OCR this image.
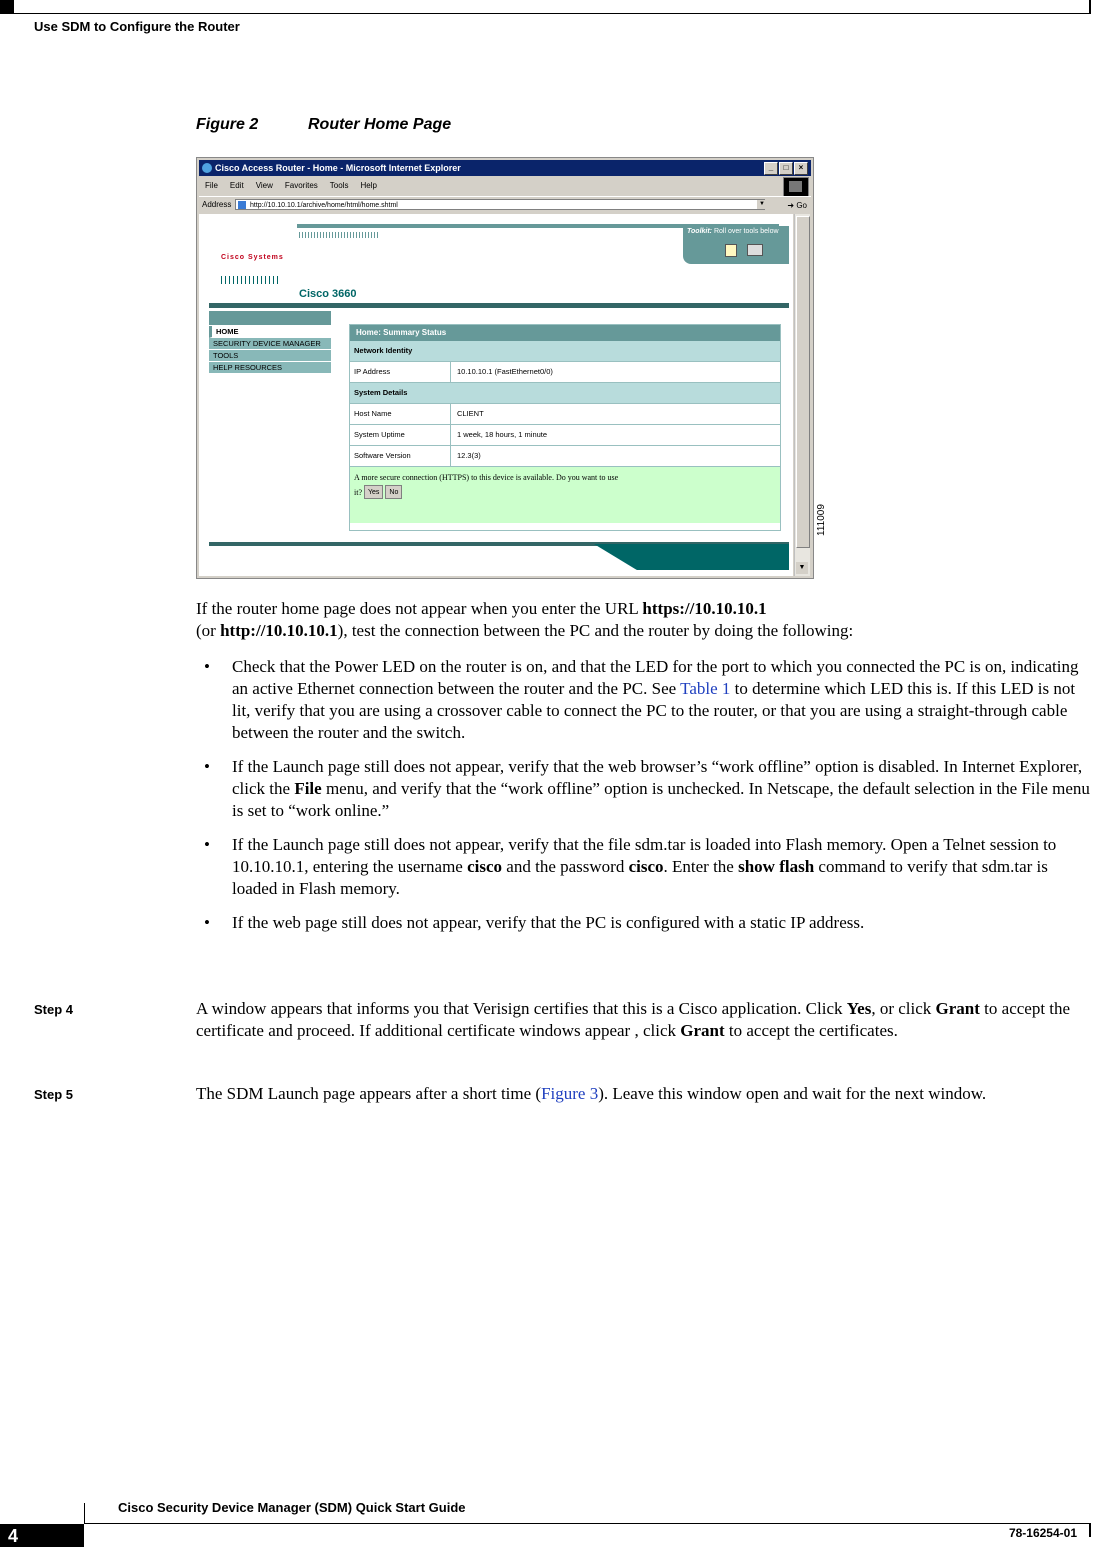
Use SDM to Configure the Router
Figure 2	Router Home Page
Cisco Access Router - Home - Microsoft Internet Explorer	_	□	×
File Edit View Favorites Tools Help
Address	http://10.10.10.1/archive/home/html/home.shtml	▼	➜ Go
Toolkit: Roll over tools below
Cisco Systems
Cisco 3660
HOME
SECURITY DEVICE MANAGER
TOOLS
HELP RESOURCES
Home: Summary Status
Network Identity
IP Address	10.10.10.1 (FastEthernet0/0)
System Details
Host Name	CLIENT
System Uptime	1 week, 18 hours, 1 minute
Software Version	12.3(3)
A more secure connection (HTTPS) to this device is available. Do you want to use
it? Yes	No
▼
111009
If the router home page does not appear when you enter the URL https://10.10.10.1
(or http://10.10.10.1), test the connection between the PC and the router by doing the following:
• Check that the Power LED on the router is on, and that the LED for the port to which you connected the PC is on, indicating an active Ethernet connection between the router and the PC. See Table 1 to determine which LED this is. If this LED is not lit, verify that you are using a crossover cable to connect the PC to the router, or that you are using a straight-through cable between the router and the switch.
• If the Launch page still does not appear, verify that the web browser’s “work offline” option is disabled. In Internet Explorer, click the File menu, and verify that the “work offline” option is unchecked. In Netscape, the default selection in the File menu is set to “work online.”
• If the Launch page still does not appear, verify that the file sdm.tar is loaded into Flash memory. Open a Telnet session to 10.10.10.1, entering the username cisco and the password cisco. Enter the show flash command to verify that sdm.tar is loaded in Flash memory.
• If the web page still does not appear, verify that the PC is configured with a static IP address.
Step 4	A window appears that informs you that Verisign certifies that this is a Cisco application. Click Yes, or click Grant to accept the certificate and proceed. If additional certificate windows appear , click Grant to accept the certificates.
Step 5	The SDM Launch page appears after a short time (Figure 3). Leave this window open and wait for the next window.
Cisco Security Device Manager (SDM) Quick Start Guide
4	78-16254-01
